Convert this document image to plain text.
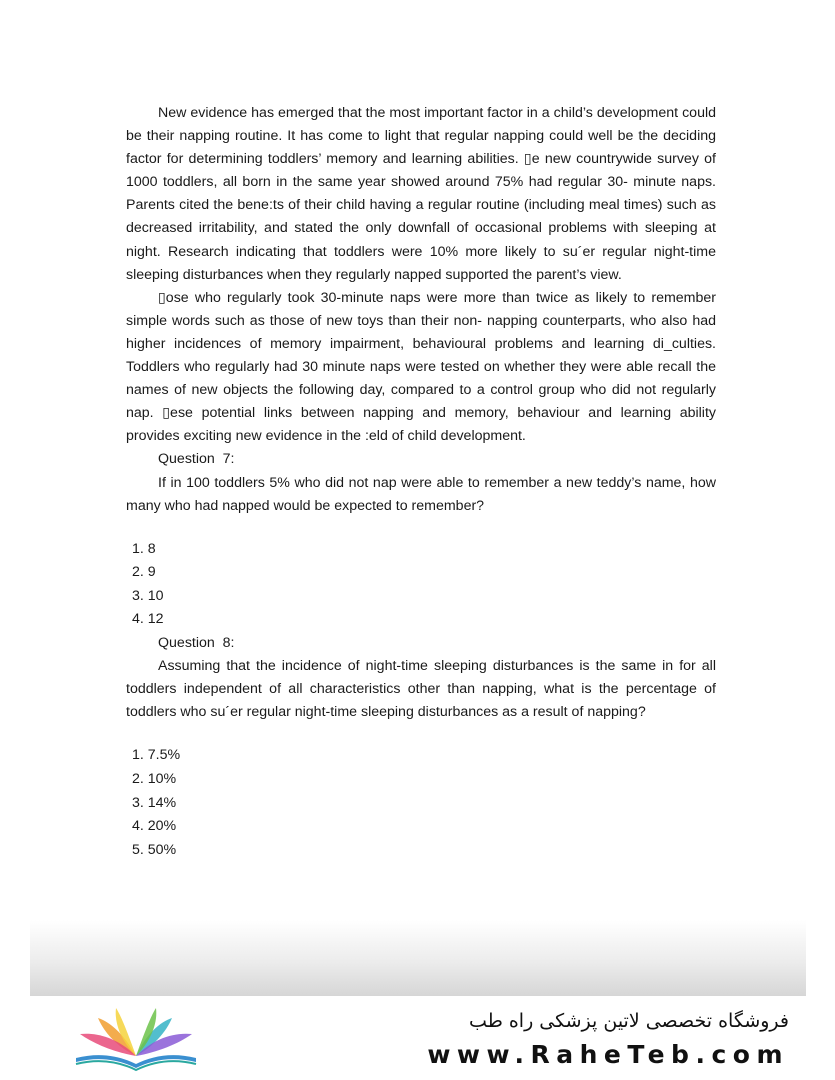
New evidence has emerged that the most important factor in a child’s development could be their napping routine. It has come to light that regular napping could well be the deciding factor for determining toddlers’ memory and learning abilities. ▯e new countrywide survey of 1000 toddlers, all born in the same year showed around 75% had regular 30- minute naps. Parents cited the bene:ts of their child having a regular routine (including meal times) such as decreased irritability, and stated the only downfall of occasional problems with sleeping at night. Research indicating that toddlers were 10% more likely to su´er regular night-time sleeping disturbances when they regularly napped supported the parent’s view.

▯ose who regularly took 30-minute naps were more than twice as likely to remember simple words such as those of new toys than their non- napping counterparts, who also had higher incidences of memory impairment, behavioural problems and learning di_culties. Toddlers who regularly had 30 minute naps were tested on whether they were able recall the names of new objects the following day, compared to a control group who did not regularly nap. ▯ese potential links between napping and memory, behaviour and learning ability provides exciting new evidence in the :eld of child development.

Question  7:

If in 100 toddlers 5% who did not nap were able to remember a new teddy’s name, how many who had napped would be expected to remember?

1. 8
2. 9
3. 10
4. 12

Question  8:

Assuming that the incidence of night-time sleeping disturbances is the same in for all toddlers independent of all characteristics other than napping, what is the percentage of toddlers who su´er regular night-time sleeping disturbances as a result of napping?

1. 7.5%
2. 10%
3. 14%
4. 20%
5. 50%
فروشگاه تخصصی لاتین پزشکی راه طب
www.RaheTeb.com
